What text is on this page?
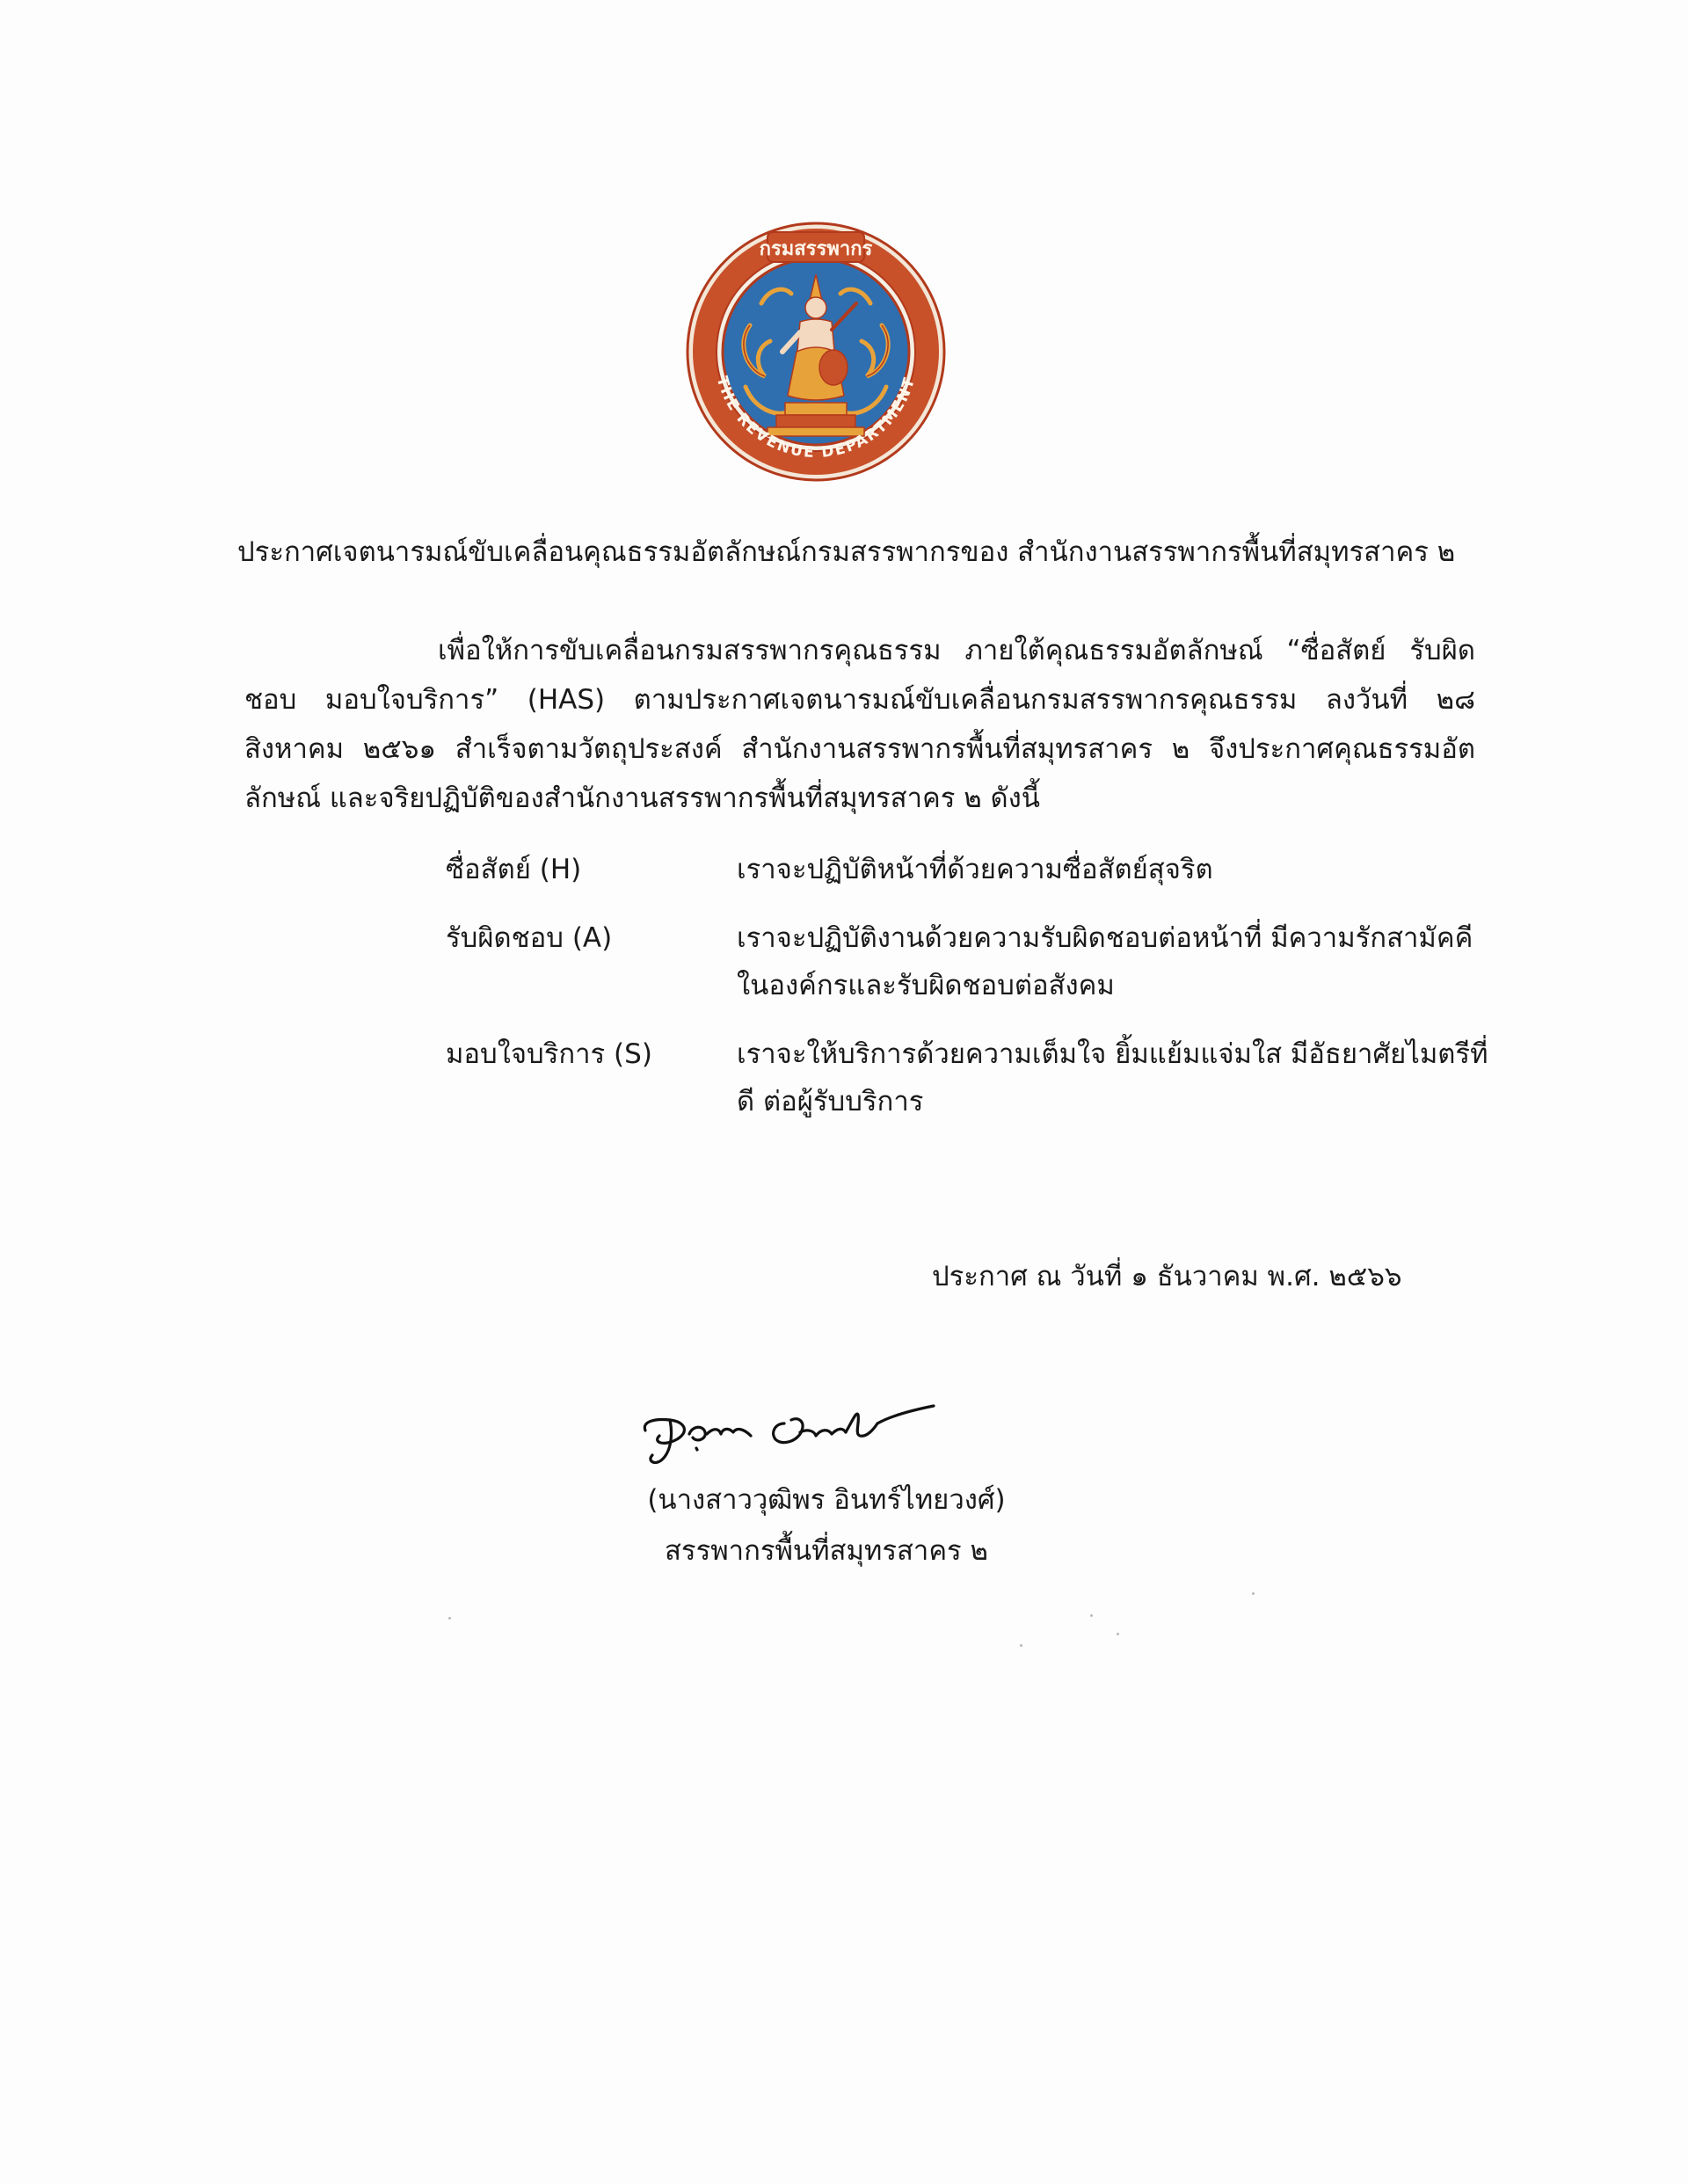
กรมสรรพากร
THE REVENUE DEPARTMENT
ประกาศเจตนารมณ์ขับเคลื่อนคุณธรรมอัตลักษณ์กรมสรรพากรของ สำนักงานสรรพากรพื้นที่สมุทรสาคร ๒
เพื่อให้การขับเคลื่อนกรมสรรพากรคุณธรรม ภายใต้คุณธรรมอัตลักษณ์ “ซื่อสัตย์ รับผิดชอบ มอบใจบริการ” (HAS) ตามประกาศเจตนารมณ์ขับเคลื่อนกรมสรรพากรคุณธรรม ลงวันที่ ๒๘ สิงหาคม ๒๕๖๑ สำเร็จตามวัตถุประสงค์ สำนักงานสรรพากรพื้นที่สมุทรสาคร ๒ จึงประกาศคุณธรรมอัตลักษณ์ และจริยปฏิบัติของสำนักงานสรรพากรพื้นที่สมุทรสาคร ๒ ดังนี้
ซื่อสัตย์ (H)	เราจะปฏิบัติหน้าที่ด้วยความซื่อสัตย์สุจริต
รับผิดชอบ (A)	เราจะปฏิบัติงานด้วยความรับผิดชอบต่อหน้าที่ มีความรักสามัคคี ในองค์กรและรับผิดชอบต่อสังคม
มอบใจบริการ (S)	เราจะให้บริการด้วยความเต็มใจ ยิ้มแย้มแจ่มใส มีอัธยาศัยไมตรีที่ดี ต่อผู้รับบริการ
ประกาศ ณ วันที่ ๑ ธันวาคม พ.ศ. ๒๕๖๖
(นางสาววุฒิพร อินทร์ไทยวงศ์)
สรรพากรพื้นที่สมุทรสาคร ๒
